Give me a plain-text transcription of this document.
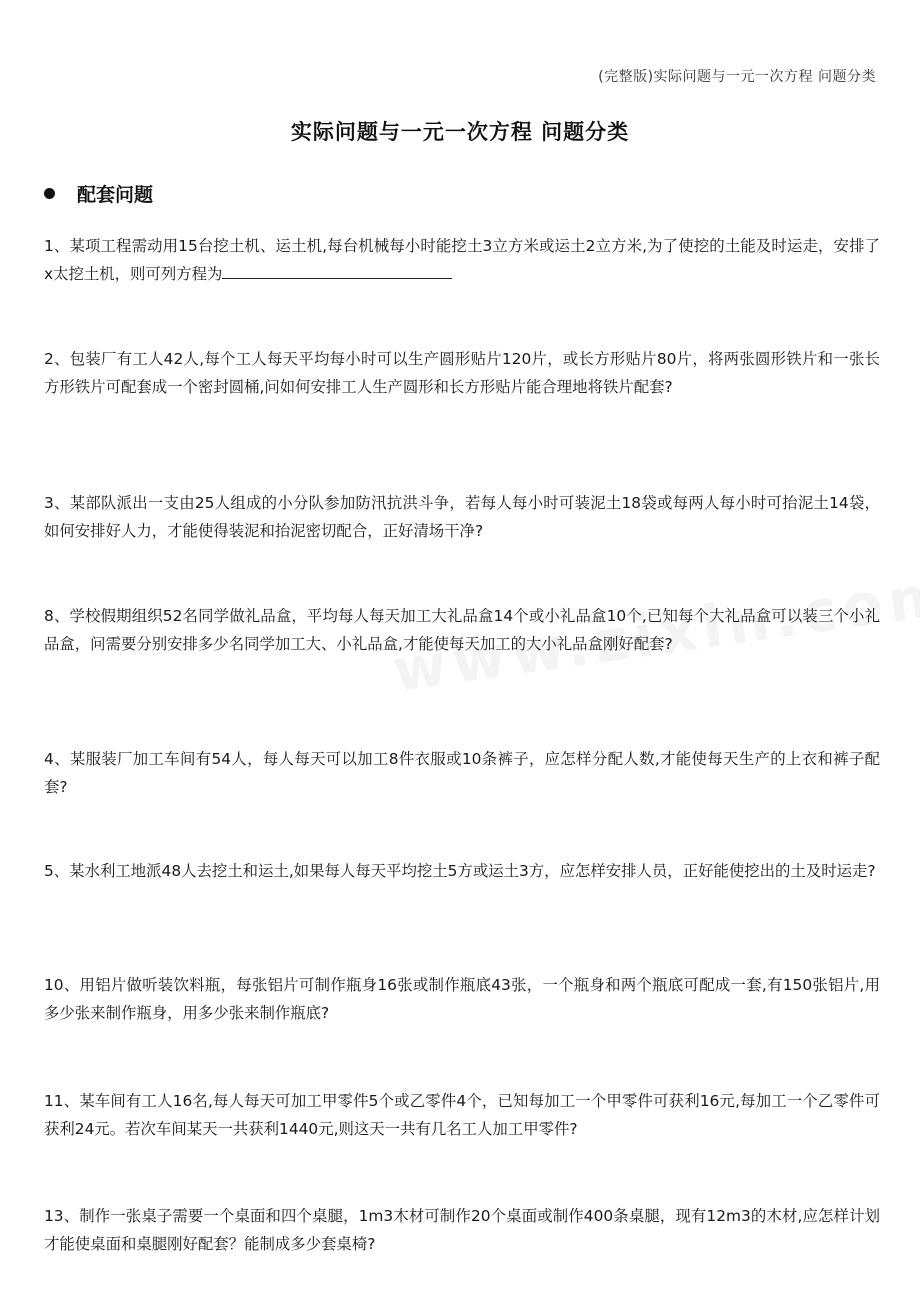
(完整版)实际问题与一元一次方程 问题分类
实际问题与一元一次方程 问题分类
配套问题

1、某项工程需动用15台挖土机、运土机,每台机械每小时能挖土3立方米或运土2立方米,为了使挖的土能及时运走，安排了x太挖土机，则可列方程为

2、包装厂有工人42人,每个工人每天平均每小时可以生产圆形贴片120片，或长方形贴片80片，将两张圆形铁片和一张长方形铁片可配套成一个密封圆桶,问如何安排工人生产圆形和长方形贴片能合理地将铁片配套?

3、某部队派出一支由25人组成的小分队参加防汛抗洪斗争，若每人每小时可装泥土18袋或每两人每小时可抬泥土14袋，如何安排好人力，才能使得装泥和抬泥密切配合，正好清场干净?

8、学校假期组织52名同学做礼品盒，平均每人每天加工大礼品盒14个或小礼品盒10个,已知每个大礼品盒可以装三个小礼品盒，问需要分别安排多少名同学加工大、小礼品盒,才能使每天加工的大小礼品盒刚好配套?

4、某服装厂加工车间有54人，每人每天可以加工8件衣服或10条裤子，应怎样分配人数,才能使每天生产的上衣和裤子配套?

5、某水利工地派48人去挖土和运土,如果每人每天平均挖土5方或运土3方，应怎样安排人员，正好能使挖出的土及时运走?

10、用铝片做听装饮料瓶，每张铝片可制作瓶身16张或制作瓶底43张，一个瓶身和两个瓶底可配成一套,有150张铝片,用多少张来制作瓶身，用多少张来制作瓶底?

11、某车间有工人16名,每人每天可加工甲零件5个或乙零件4个，已知每加工一个甲零件可获利16元,每加工一个乙零件可获利24元。若次车间某天一共获利1440元,则这天一共有几名工人加工甲零件?

13、制作一张桌子需要一个桌面和四个桌腿，1m3木材可制作20个桌面或制作400条桌腿，现有12m3的木材,应怎样计划才能使桌面和桌腿刚好配套？能制成多少套桌椅?
